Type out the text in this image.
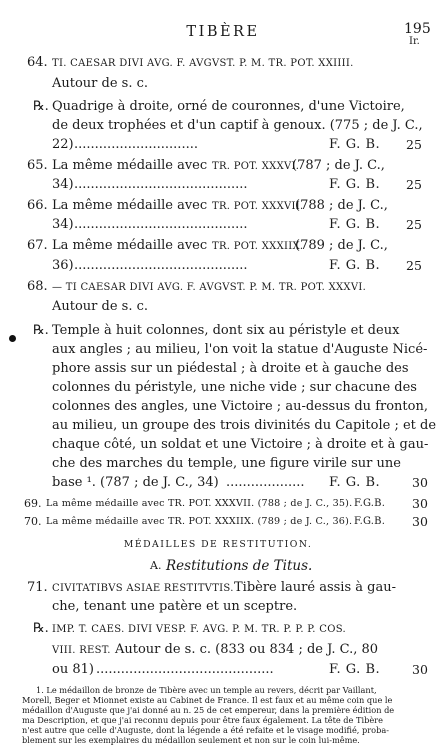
TIBÈRE	195
Ir.
64. TI. CAESAR DIVI AVG. F. AVGVST. P. M. TR. POT. XXIIII.
Autour de s. c.
℞. Quadrige à droite, orné de couronnes, d'une Victoire,
de deux trophées et d'un captif à genoux. (775 ; de J. C.,
22) ..............................	F. G. B. 25
65. La même médaille avec TR. POT. XXXVI.
(787 ; de J. C.,
34) ..........................................	F. G. B. 25
66. La même médaille avec TR. POT. XXXVII.
(788 ; de J. C.,
34) ..........................................	F. G. B. 25
67. La même médaille avec TR. POT. XXXIIX.
(789 ; de J. C.,
36) ..........................................	F. G. B. 25
68. — TI CAESAR DIVI AVG. F. AVGVST. P. M. TR. POT. XXXVI.
Autour de s. c.
℞. Temple à huit colonnes, dont six au péristyle et deux
aux angles ; au milieu, l'on voit la statue d'Auguste Nicé-
phore assis sur un piédestal ; à droite et à gauche des
colonnes du péristyle, une niche vide ; sur chacune des
colonnes des angles, une Victoire ; au-dessus du fronton,
au milieu, un groupe des trois divinités du Capitole ; et de
chaque côté, un soldat et une Victoire ; à droite et à gau-
che des marches du temple, une figure virile sur une
base ¹. (787 ; de J. C., 34) ...................	F. G. B.	30
69. La même médaille avec TR. POT. XXXVII. (788 ; de J. C., 35). F.G.B. 30
70. La même médaille avec TR. POT. XXXIIX. (789 ; de J. C., 36). F.G.B. 30
MÉDAILLES DE RESTITUTION.
A. Restitutions de Titus.
71. CIVITATIBVS ASIAE RESTITVTIS. Tibère lauré assis à gau-
che, tenant une patère et un sceptre.
℞. IMP. T. CAES. DIVI VESP. F. AVG. P. M. TR. P. P. P. COS.
VIII. REST. Autour de s. c. (833 ou 834 ; de J. C., 80
ou 81) ...........................................	F. G. B.	30
1. Le médaillon de bronze de Tibère avec un temple au revers, décrit par Vaillant,
Morell, Beger et Mionnet existe au Cabinet de France. Il est faux et au même coin que le
médaillon d'Auguste que j'ai donné au n. 25 de cet empereur, dans la première édition de
ma Description, et que j'ai reconnu depuis pour être faux également. La tête de Tibère
n'est autre que celle d'Auguste, dont la légende a été refaite et le visage modifié, proba-
blement sur les exemplaires du médaillon seulement et non sur le coin lui-même.
